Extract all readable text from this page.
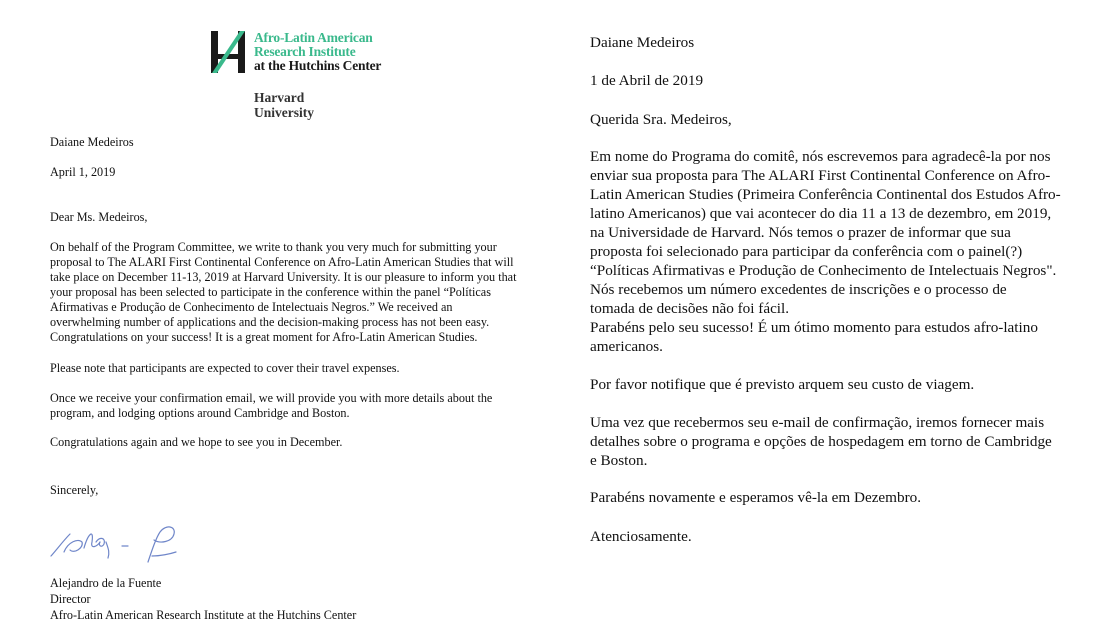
Afro-Latin American
Research Institute
at the Hutchins Center
Harvard
University
Daiane Medeiros
April 1, 2019
Dear Ms. Medeiros,
On behalf of the Program Committee, we write to thank you very much for submitting your
proposal to The ALARI First Continental Conference on Afro-Latin American Studies that will
take place on December 11-13, 2019 at Harvard University. It is our pleasure to inform you that
your proposal has been selected to participate in the conference within the panel “Políticas
Afirmativas e Produção de Conhecimento de Intelectuais Negros.” We received an
overwhelming number of applications and the decision-making process has not been easy.
Congratulations on your success! It is a great moment for Afro-Latin American Studies.
Please note that participants are expected to cover their travel expenses.
Once we receive your confirmation email, we will provide you with more details about the
program, and lodging options around Cambridge and Boston.
Congratulations again and we hope to see you in December.
Sincerely,
Alejandro de la Fuente
Director
Afro-Latin American Research Institute at the Hutchins Center
Daiane Medeiros
1 de Abril de 2019
Querida Sra. Medeiros,
Em nome do Programa do comitê, nós escrevemos para agradecê-la por nos
enviar sua proposta para The ALARI First Continental Conference on Afro-
Latin American Studies (Primeira Conferência Continental dos Estudos Afro-
latino Americanos) que vai acontecer do dia 11 a 13 de dezembro, em 2019,
na Universidade de Harvard. Nós temos o prazer de informar que sua
proposta foi selecionado para participar da conferência com o painel(?)
“Políticas Afirmativas e Produção de Conhecimento de Intelectuais Negros".
Nós recebemos um número excedentes de inscrições e o processo de
tomada de decisões não foi fácil.
Parabéns pelo seu sucesso! É um ótimo momento para estudos afro-latino
americanos.
Por favor notifique que é previsto arquem seu custo de viagem.
Uma vez que recebermos seu e-mail de confirmação, iremos fornecer mais
detalhes sobre o programa e opções de hospedagem em torno de Cambridge
e Boston.
Parabéns novamente e esperamos vê-la em Dezembro.
Atenciosamente.
